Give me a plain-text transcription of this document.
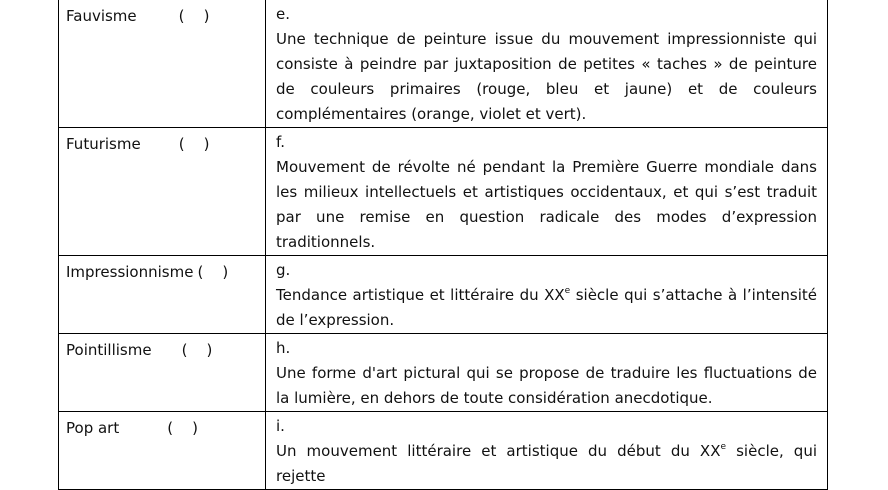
Fauvisme (    )	e.
Une technique de peinture issue du mouvement impressionniste qui consiste à peindre par juxtaposition de petites « taches » de peinture de couleurs primaires (rouge, bleu et jaune) et de couleurs complémentaires (orange, violet et vert).

Futurisme (    )	f.
Mouvement de révolte né pendant la Première Guerre mondiale dans les milieux intellectuels et artistiques occidentaux, et qui s’est traduit par une remise en question radicale des modes d’expression traditionnels.

Impressionnisme (    )	g.
Tendance artistique et littéraire du XXe siècle qui s’attache à l’intensité de l’expression.

Pointillisme (    )	h.
Une forme d'art pictural qui se propose de traduire les fluctuations de la lumière, en dehors de toute considération anecdotique.

Pop art (    )	i.
Un mouvement littéraire et artistique du début du XXe siècle, qui rejette
